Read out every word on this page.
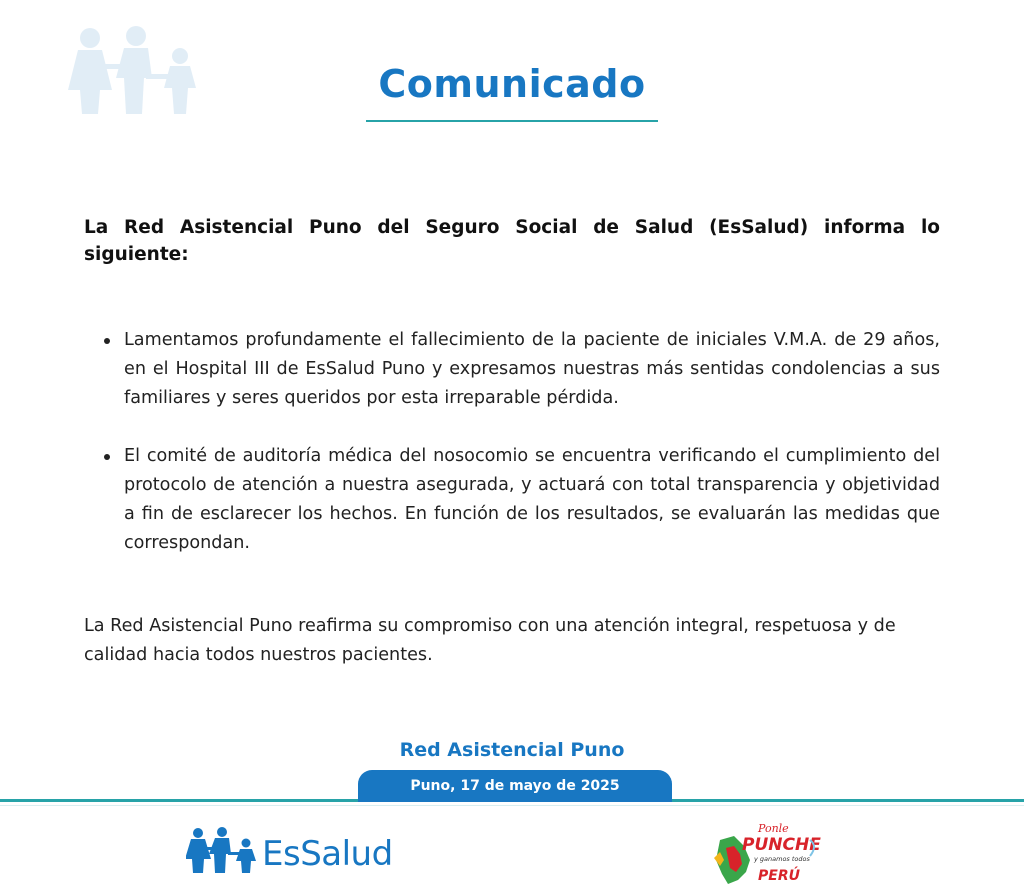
Comunicado

La Red Asistencial Puno del Seguro Social de Salud (EsSalud) informa lo siguiente:

Lamentamos profundamente el fallecimiento de la paciente de iniciales V.M.A. de 29 años, en el Hospital III de EsSalud Puno y expresamos nuestras más sentidas condolencias a sus familiares y seres queridos por esta irreparable pérdida.
El comité de auditoría médica del nosocomio se encuentra verificando el cumplimiento del protocolo de atención a nuestra asegurada, y actuará con total transparencia y objetividad a fin de esclarecer los hechos. En función de los resultados, se evaluarán las medidas que correspondan.

La Red Asistencial Puno reafirma su compromiso con una atención integral, respetuosa y de calidad hacia todos nuestros pacientes.

Red Asistencial Puno

Puno, 17 de mayo de 2025
EsSalud
Ponle
PUNCHE
y ganamos todos
PERÚ
